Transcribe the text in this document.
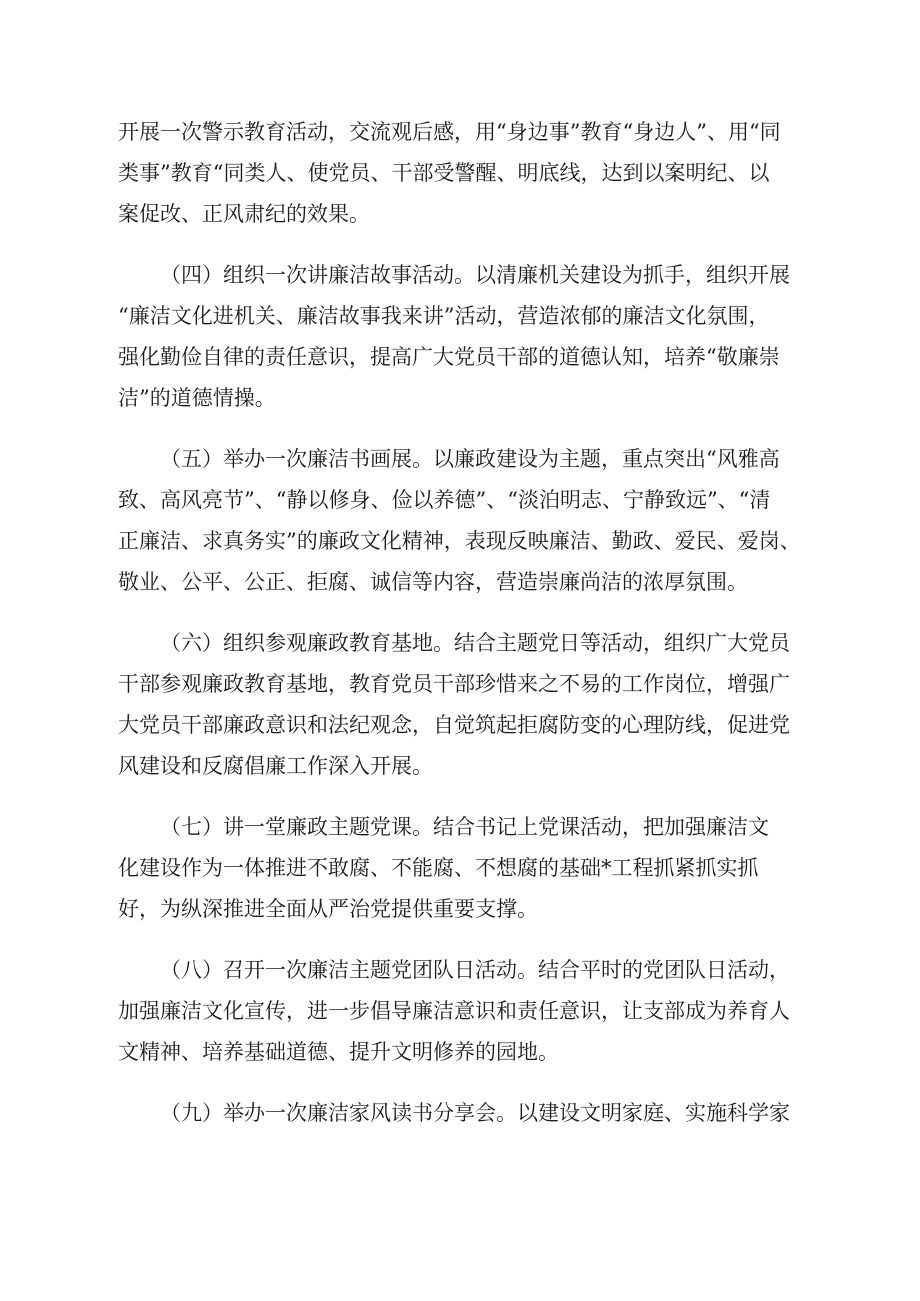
开展一次警示教育活动，交流观后感，用“身边事”教育“身边人”、用“同
类事”教育“同类人、使党员、干部受警醒、明底线，达到以案明纪、以
案促改、正风肃纪的效果。
（四）组织一次讲廉洁故事活动。以清廉机关建设为抓手，组织开展
“廉洁文化进机关、廉洁故事我来讲”活动，营造浓郁的廉洁文化氛围，
强化勤俭自律的责任意识，提高广大党员干部的道德认知，培养“敬廉崇
洁”的道德情操。
（五）举办一次廉洁书画展。以廉政建设为主题，重点突出“风雅高
致、高风亮节”、“静以修身、俭以养德”、“淡泊明志、宁静致远”、“清
正廉洁、求真务实”的廉政文化精神，表现反映廉洁、勤政、爱民、爱岗、
敬业、公平、公正、拒腐、诚信等内容，营造崇廉尚洁的浓厚氛围。
（六）组织参观廉政教育基地。结合主题党日等活动，组织广大党员
干部参观廉政教育基地，教育党员干部珍惜来之不易的工作岗位，增强广
大党员干部廉政意识和法纪观念，自觉筑起拒腐防变的心理防线，促进党
风建设和反腐倡廉工作深入开展。
（七）讲一堂廉政主题党课。结合书记上党课活动，把加强廉洁文
化建设作为一体推进不敢腐、不能腐、不想腐的基础*工程抓紧抓实抓
好，为纵深推进全面从严治党提供重要支撑。
（八）召开一次廉洁主题党团队日活动。结合平时的党团队日活动，
加强廉洁文化宣传，进一步倡导廉洁意识和责任意识，让支部成为养育人
文精神、培养基础道德、提升文明修养的园地。
（九）举办一次廉洁家风读书分享会。以建设文明家庭、实施科学家
